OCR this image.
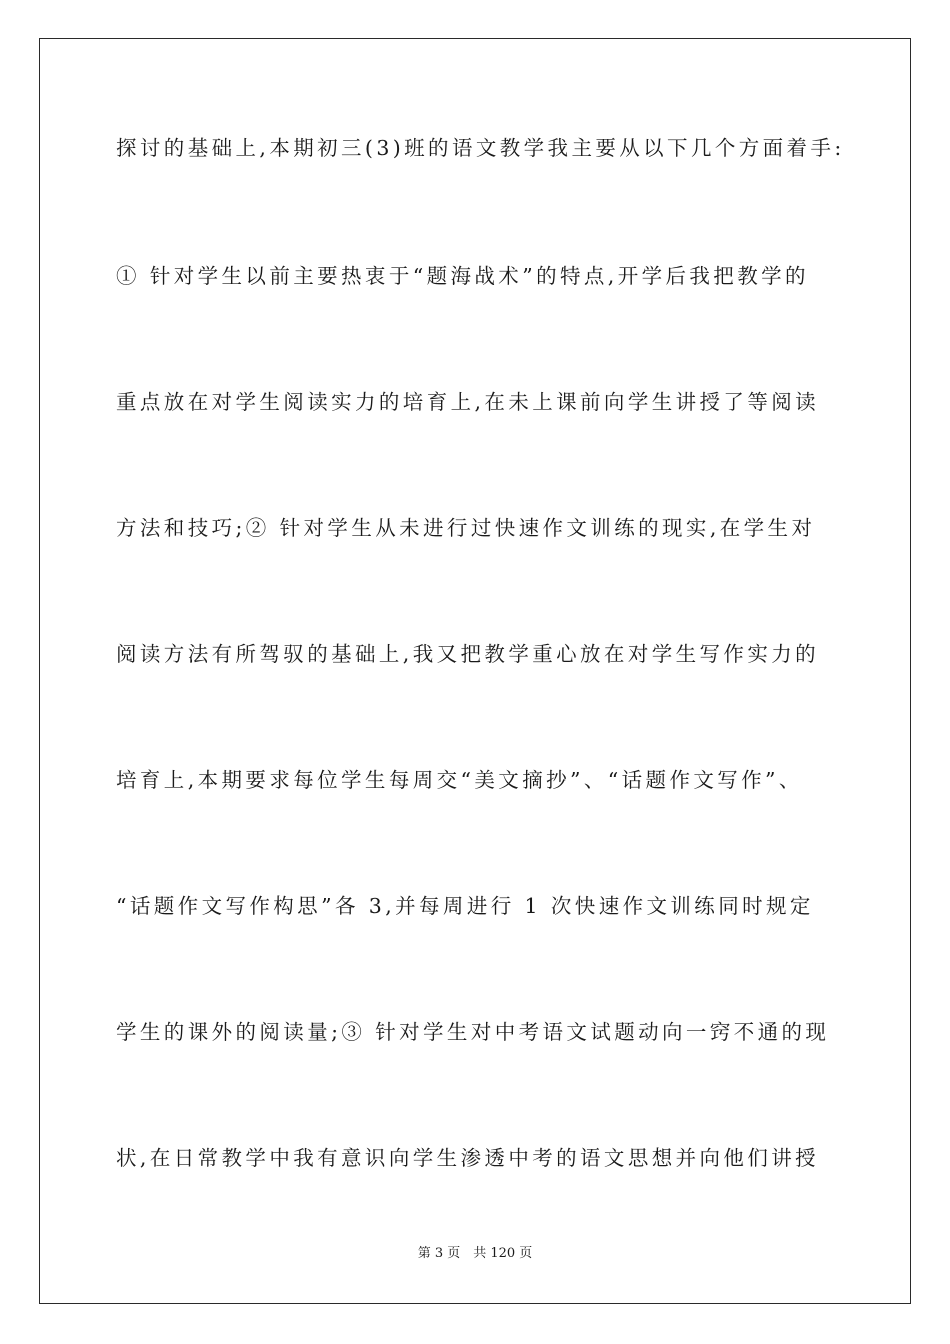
探讨的基础上,本期初三(3)班的语文教学我主要从以下几个方面着手:
① 针对学生以前主要热衷于“题海战术”的特点,开学后我把教学的
重点放在对学生阅读实力的培育上,在未上课前向学生讲授了等阅读
方法和技巧;② 针对学生从未进行过快速作文训练的现实,在学生对
阅读方法有所驾驭的基础上,我又把教学重心放在对学生写作实力的
培育上,本期要求每位学生每周交“美文摘抄”、“话题作文写作”、
“话题作文写作构思”各 3,并每周进行 1 次快速作文训练同时规定
学生的课外的阅读量;③ 针对学生对中考语文试题动向一窍不通的现
状,在日常教学中我有意识向学生渗透中考的语文思想并向他们讲授
第 3 页　共 120 页
